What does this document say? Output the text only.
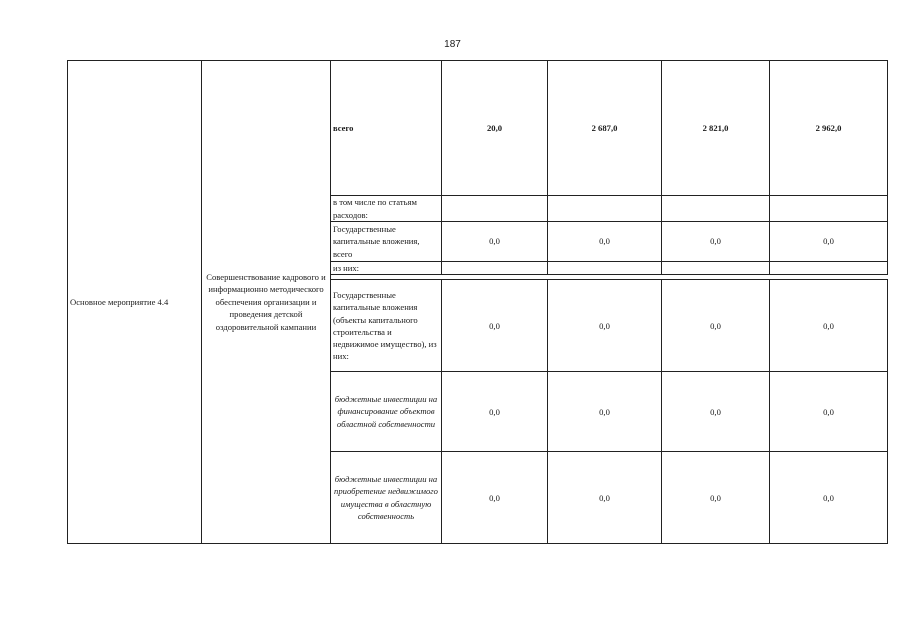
187
Основное мероприятие 4.4	Совершенствование кадрового и информационно методического обеспечения организации и проведения детской оздоровительной кампании	всего	20,0	2 687,0	2 821,0	2 962,0
		в том числе по статьям расходов:				
		Государственные капитальные вложения, всего	0,0	0,0	0,0	0,0
		из них:				

		Государственные капитальные вложения (объекты капитального строительства и недвижимое имущество), из них:	0,0	0,0	0,0	0,0
		бюджетные инвестиции на финансирование объектов областной собственности	0,0	0,0	0,0	0,0
		бюджетные инвестиции на приобретение недвижимого имущества в областную собственность	0,0	0,0	0,0	0,0
